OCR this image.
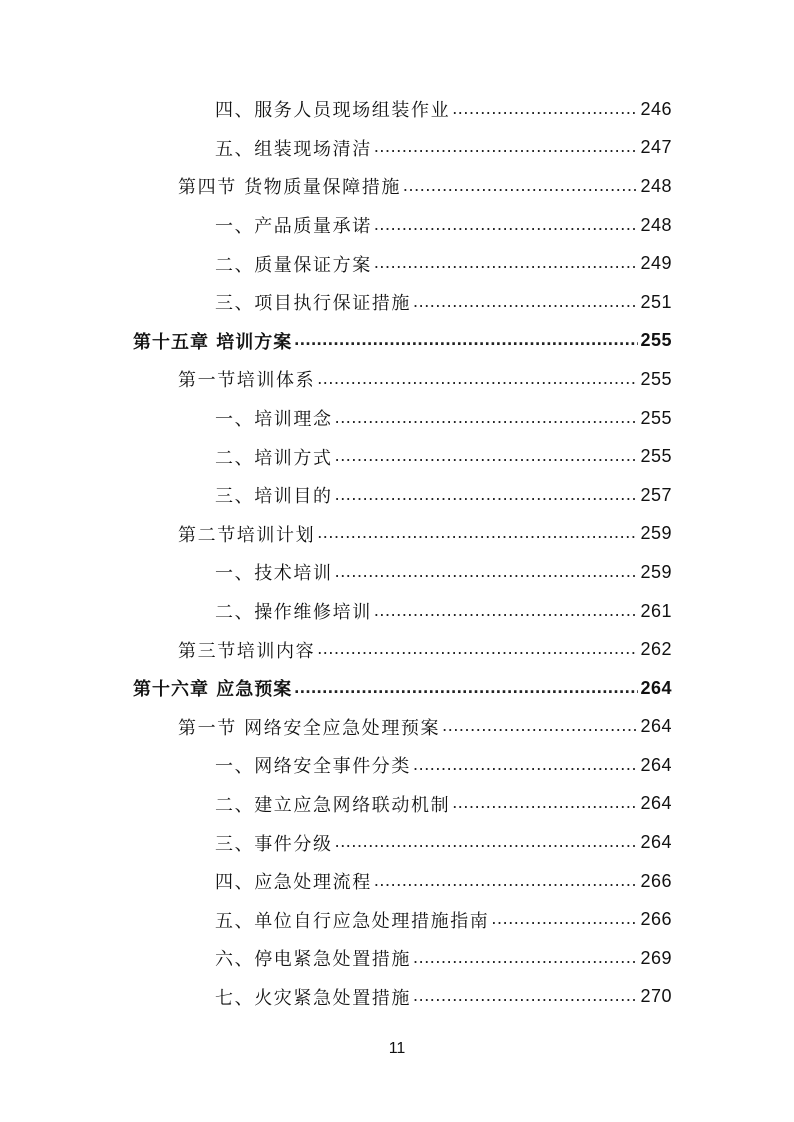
四、服务人员现场组装作业 .....	246
五、组装现场清洁 .....	247
第四节 货物质量保障措施 .....	248
一、产品质量承诺 .....	248
二、质量保证方案 .....	249
三、项目执行保证措施 .....	251
第十五章 培训方案 .....	255
第一节培训体系 .....	255
一、培训理念 .....	255
二、培训方式 .....	255
三、培训目的 .....	257
第二节培训计划 .....	259
一、技术培训 .....	259
二、操作维修培训 .....	261
第三节培训内容 .....	262
第十六章 应急预案 .....	264
第一节 网络安全应急处理预案 .....	264
一、网络安全事件分类 .....	264
二、建立应急网络联动机制 .....	264
三、事件分级 .....	264
四、应急处理流程 .....	266
五、单位自行应急处理措施指南 .....	266
六、停电紧急处置措施 .....	269
七、火灾紧急处置措施 .....	270
11
